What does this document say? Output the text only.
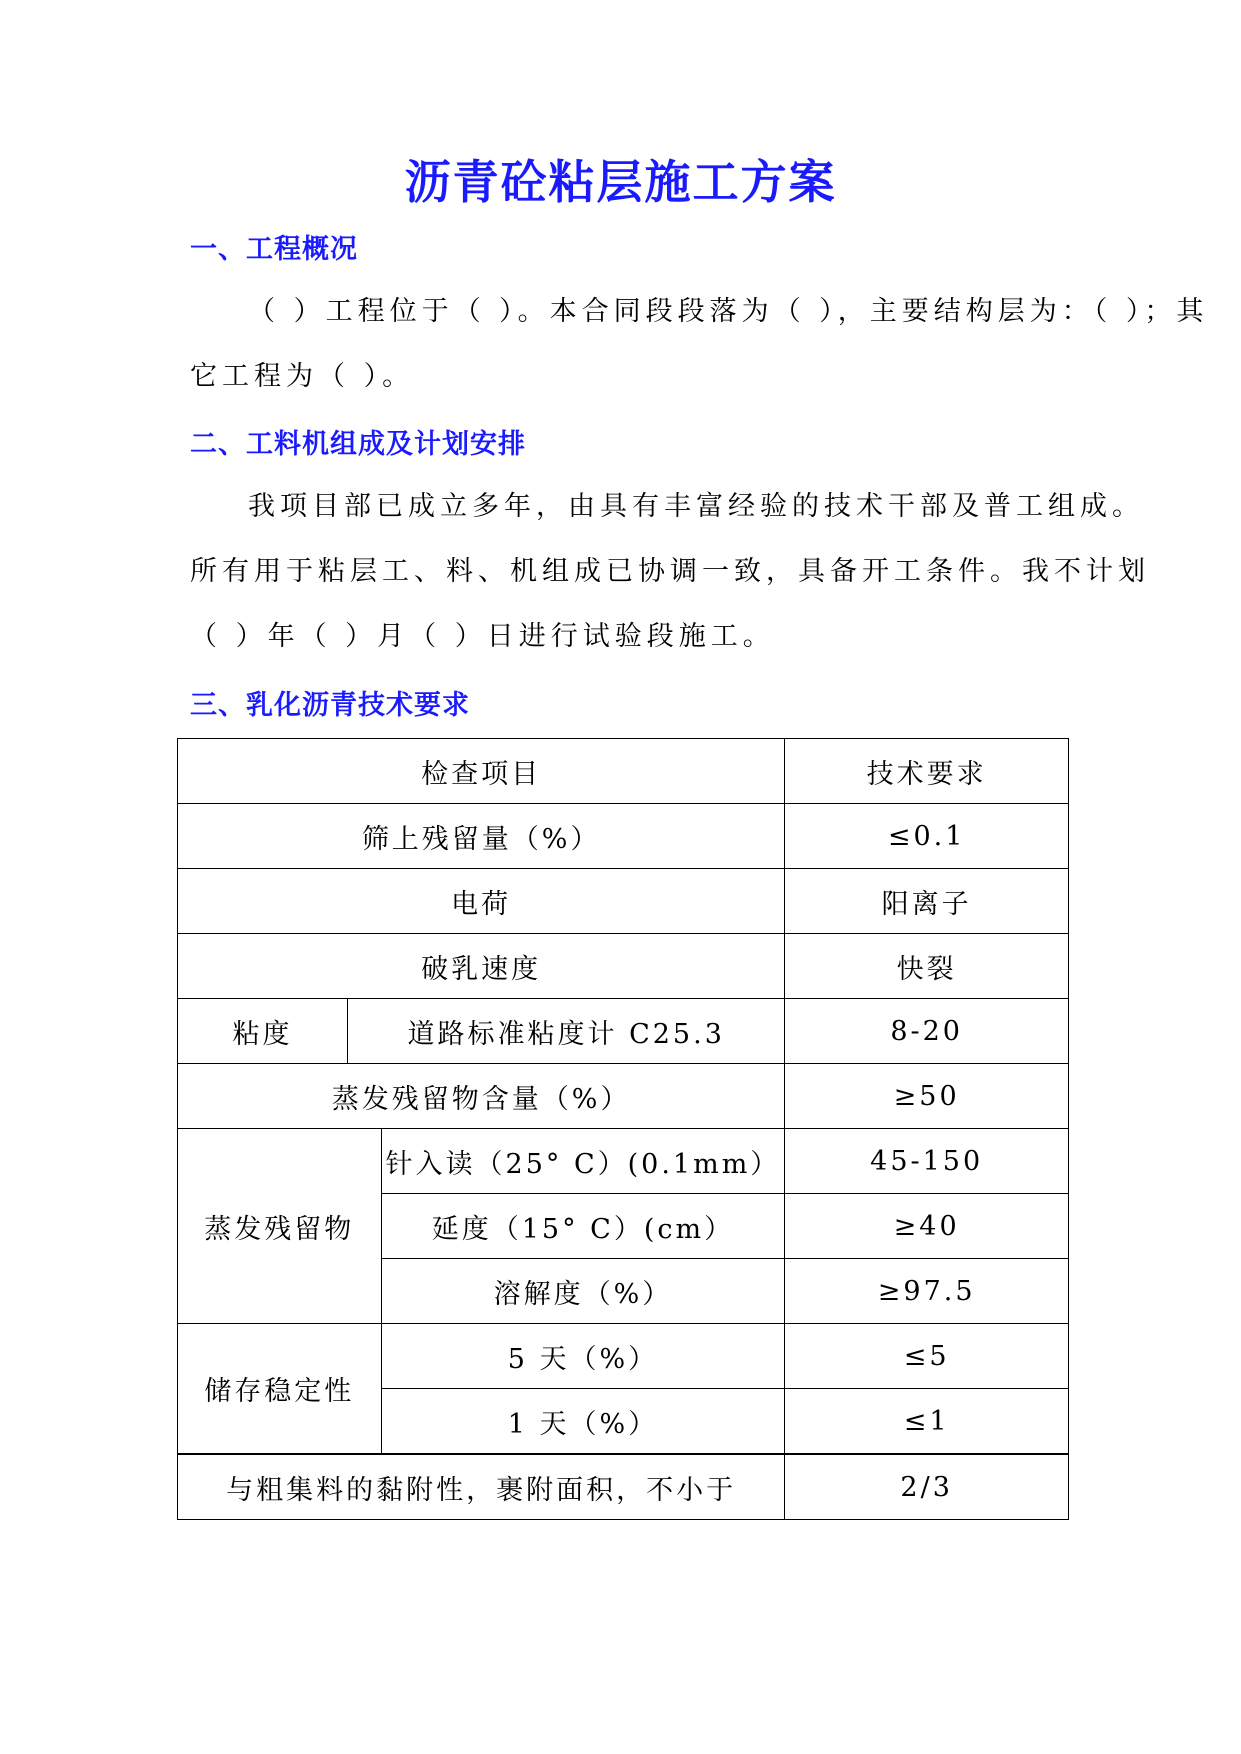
沥青砼粘层施工方案
一、工程概况
（ ）工程位于（ ）。本合同段段落为（ ），主要结构层为：（ ）；其
它工程为（ ）。
二、工料机组成及计划安排
我项目部已成立多年，由具有丰富经验的技术干部及普工组成。
所有用于粘层工、料、机组成已协调一致，具备开工条件。我不计划
（ ）年（ ）月（ ）日进行试验段施工。
三、乳化沥青技术要求
检查项目			技术要求
筛上残留量（%）			≤0.1
电荷			阳离子
破乳速度			快裂
粘度	道路标准粘度计 C25.3		8-20
蒸发残留物含量（%）			≥50
蒸发残留物		针入读（25° C）(0.1mm）	45-150
		延度（15° C）(cm）	≥40
		溶解度（%）	≥97.5
储存稳定性		5 天（%）	≤5
		1 天（%）	≤1
与粗集料的黏附性，裹附面积，不小于			2/3
